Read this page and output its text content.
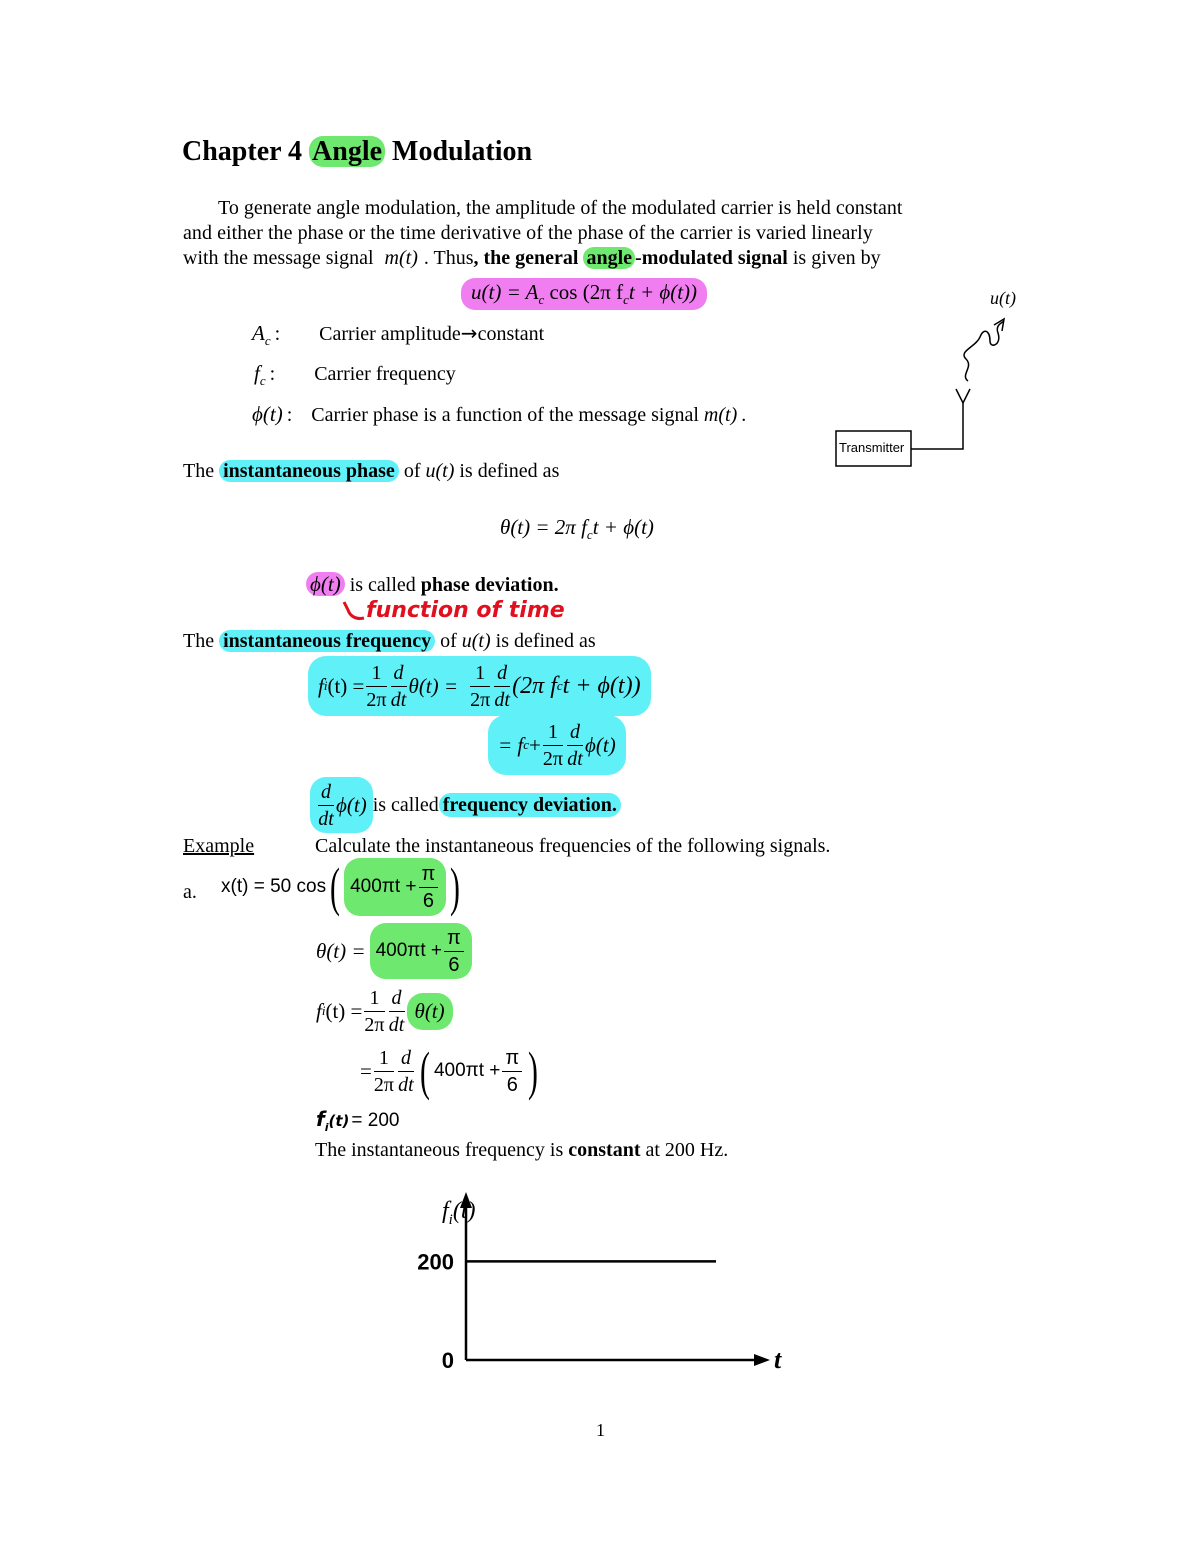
Chapter 4 Angle Modulation
To generate angle modulation, the amplitude of the modulated carrier is held constant
and either the phase or the time derivative of the phase of the carrier is varied linearly
with the message signal m(t) . Thus, the general angle -modulated signal is given by
$u(t) = A_c$ cos (2π $f_ct + \phi(t)$)
$A_c$ : Carrier amplitude→constant
$f_c$ : Carrier frequency
ϕ(t) : Carrier phase is a function of the message signal m(t) .
Transmitter
u(t)
The instantaneous phase of u(t) is defined as
θ(t) = 2π $f_ct + \phi(t)$
ϕ(t) is called phase deviation.
function of time
The instantaneous frequency of u(t) is defined as
f i $(t) = \frac{1}{2\pi} \frac{d}{dt} \theta(t) = \frac{1}{2\pi} \frac{d}{dt} (2\pi$ f c t + ϕ(t))
= f $c + \frac{1}{2\pi} \frac{d}{dt} \phi(t)$
$\frac{d}{dt} \phi(t)$ is called frequency deviation.
Example	Calculate the instantaneous frequencies of the following signals.
a. x(t) = 50 cos ( $400\pi t + \frac{\pi}{6}$ )
$\theta(t) = 400\pi t + \frac{\pi}{6}$
f i $(t) = \frac{1}{2\pi} \frac{d}{dt} \theta(t)$
= $\frac{1}{2\pi} \frac{d}{dt}$ ( $400\pi t + \frac{\pi}{6}$ )
$f_i(t) = 200$
The instantaneous frequency is constant at 200 Hz.
200
0	t
$f_i(t)$
1
